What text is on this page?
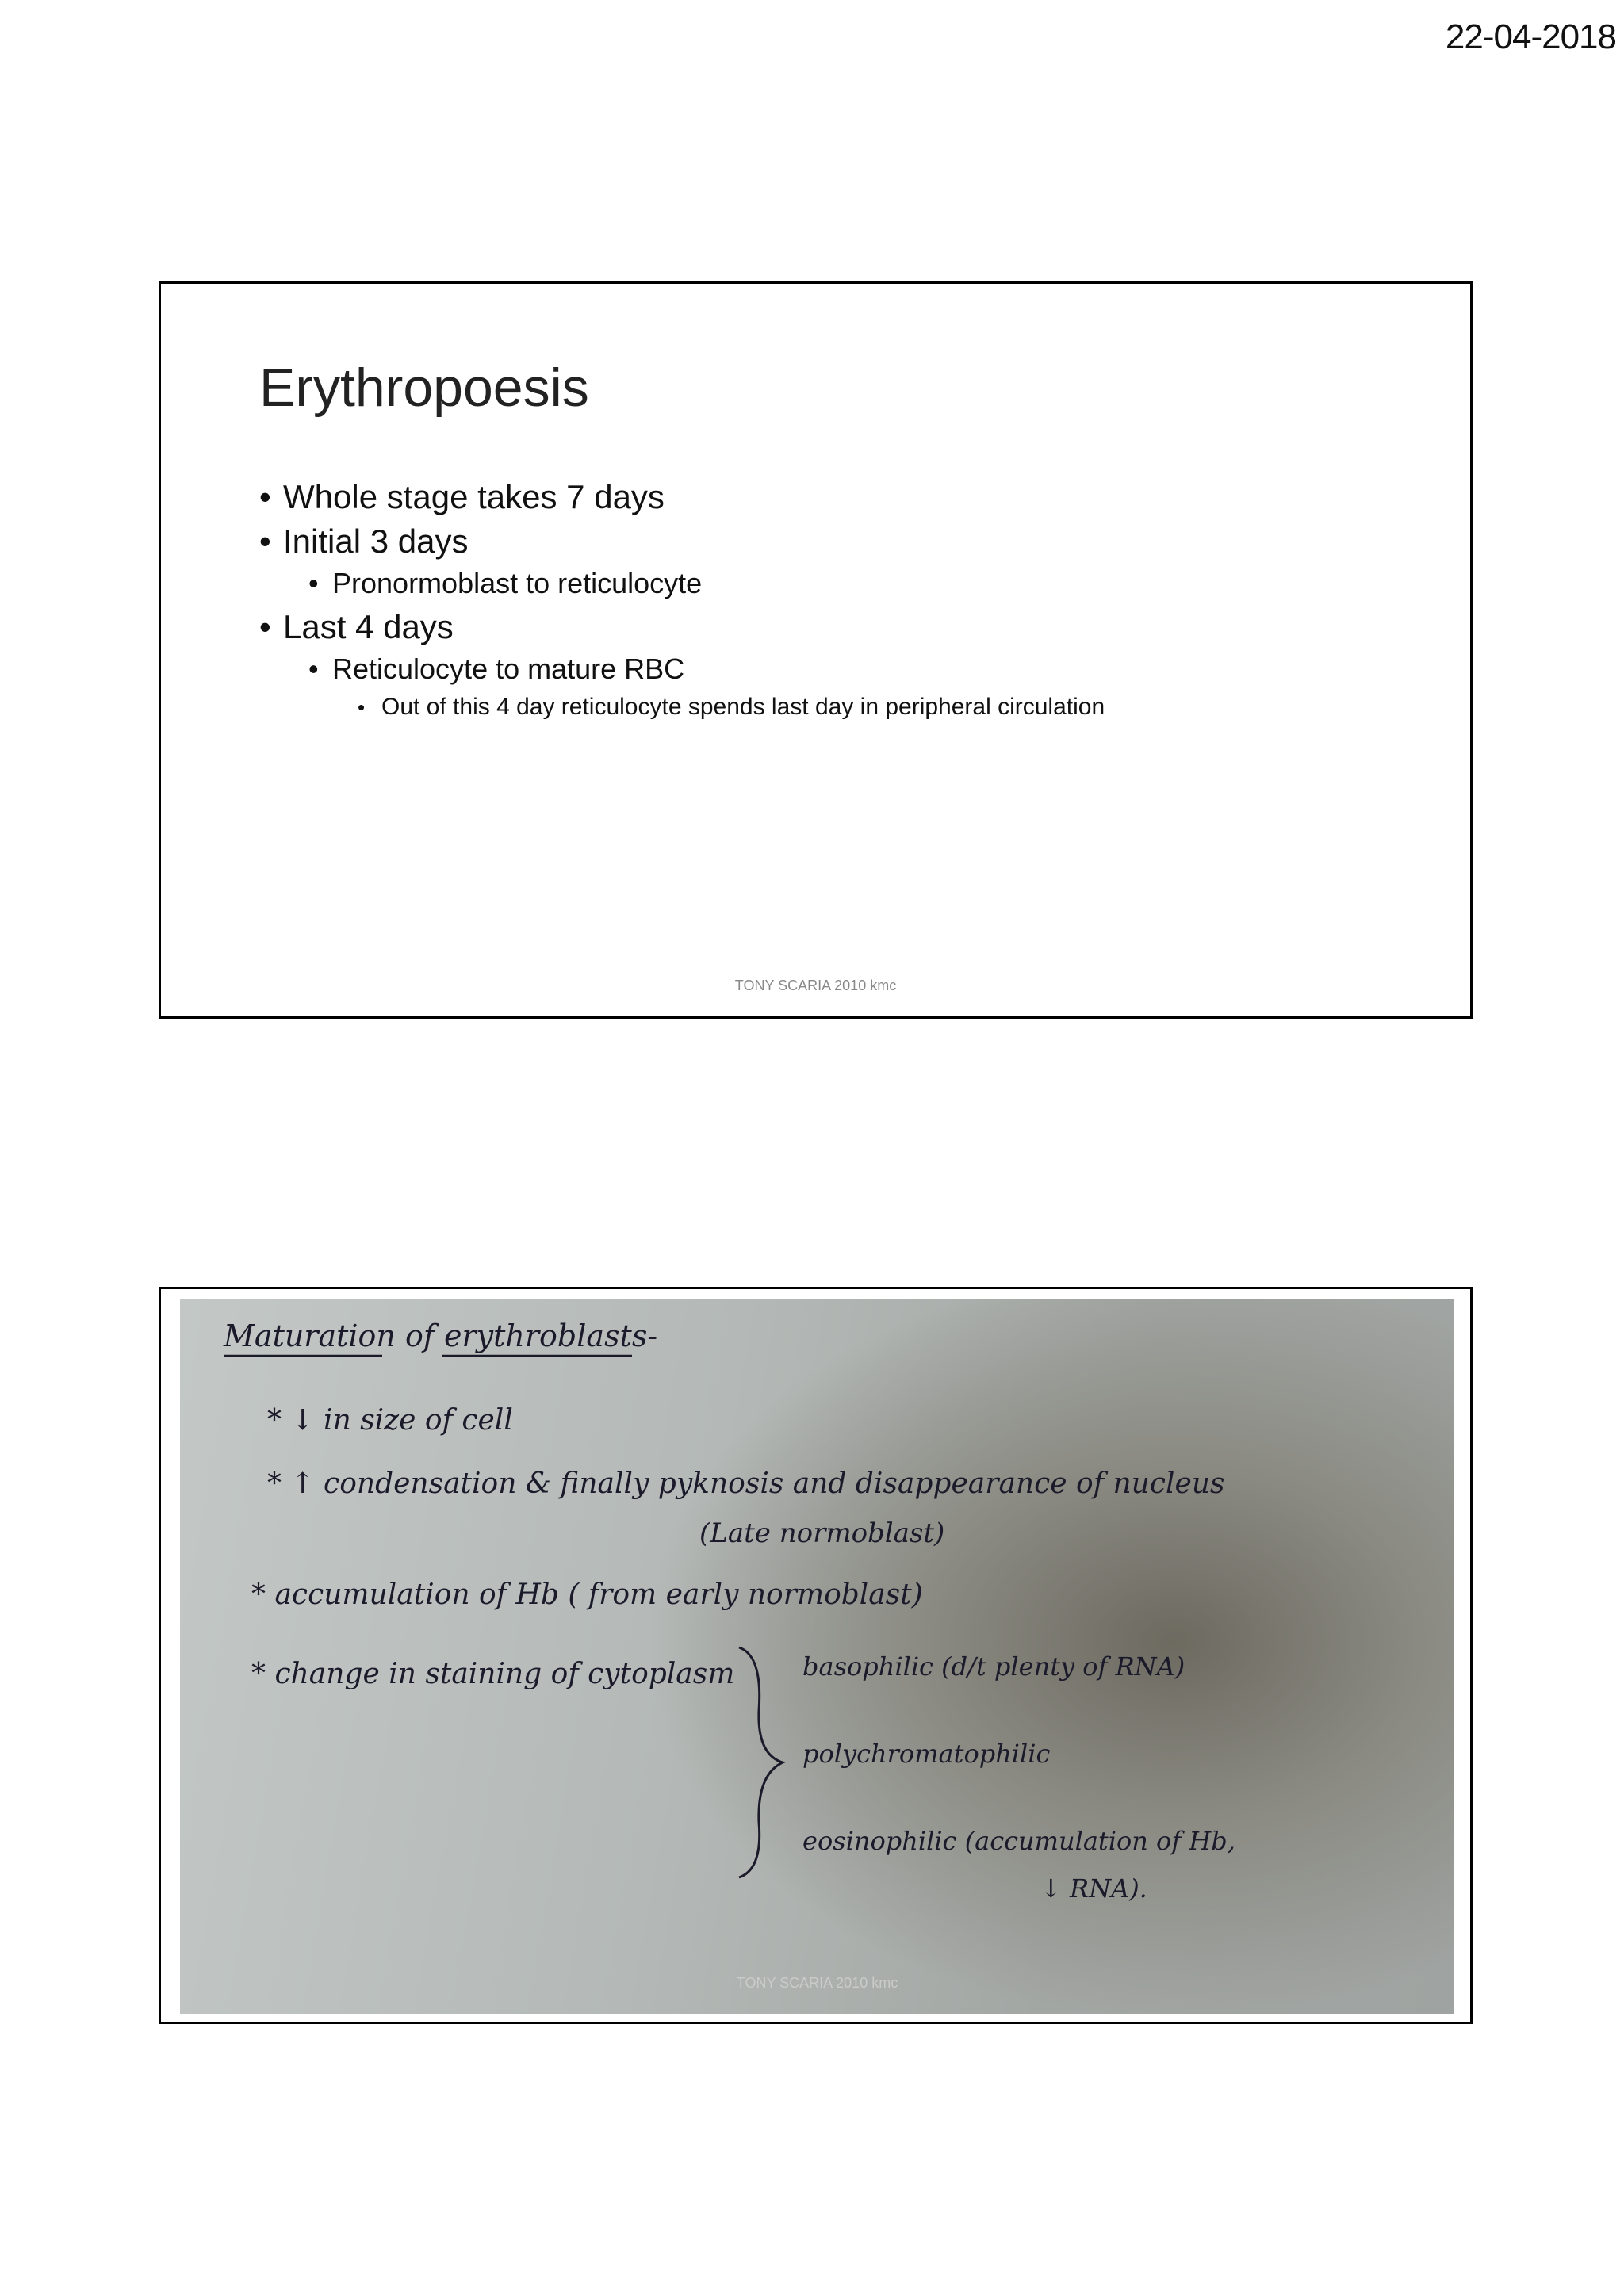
22-04-2018
Erythropoesis
• Whole stage takes 7 days
• Initial 3 days
• Pronormoblast to reticulocyte
• Last 4 days
• Reticulocyte to mature RBC
• Out of this 4 day reticulocyte spends last day in peripheral circulation
TONY SCARIA 2010 kmc
Maturation of erythroblasts-
* ↓ in size of cell
* ↑ condensation & finally pyknosis and disappearance of nucleus
(Late normoblast)
* accumulation of Hb ( from early normoblast)
* change in staining of cytoplasm	basophilic (d/t plenty of RNA)
polychromatophilic
eosinophilic (accumulation of Hb,
↓ RNA).
TONY SCARIA 2010 kmc
